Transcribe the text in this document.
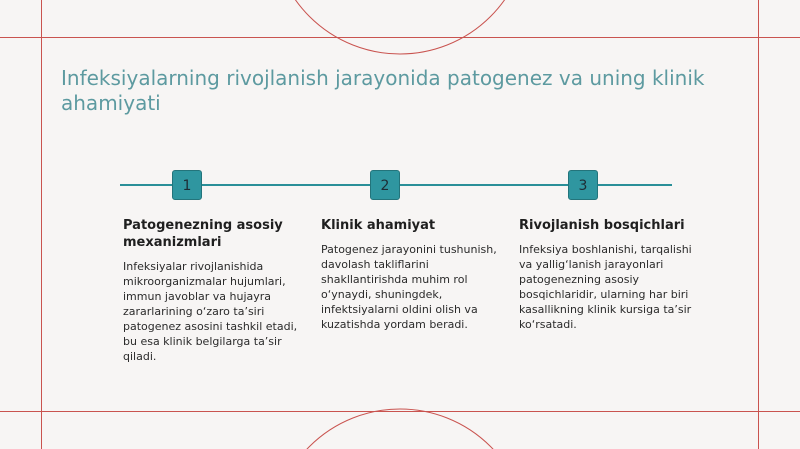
Infeksiyalarning rivojlanish jarayonida patogenez va uning klinik ahamiyati
1	2	3
Patogenezning asosiy mexanizmlari

Infeksiyalar rivojlanishida mikroorganizmalar hujumlari, immun javoblar va hujayra zararlarining o‘zaro ta’siri patogenez asosini tashkil etadi, bu esa klinik belgilarga ta’sir qiladi.

Klinik ahamiyat

Patogenez jarayonini tushunish, davolash takliflarini shakllantirishda muhim rol o‘ynaydi, shuningdek, infektsiyalarni oldini olish va kuzatishda yordam beradi.

Rivojlanish bosqichlari

Infeksiya boshlanishi, tarqalishi va yallig‘lanish jarayonlari patogenezning asosiy bosqichlaridir, ularning har biri kasallikning klinik kursiga ta’sir ko‘rsatadi.
